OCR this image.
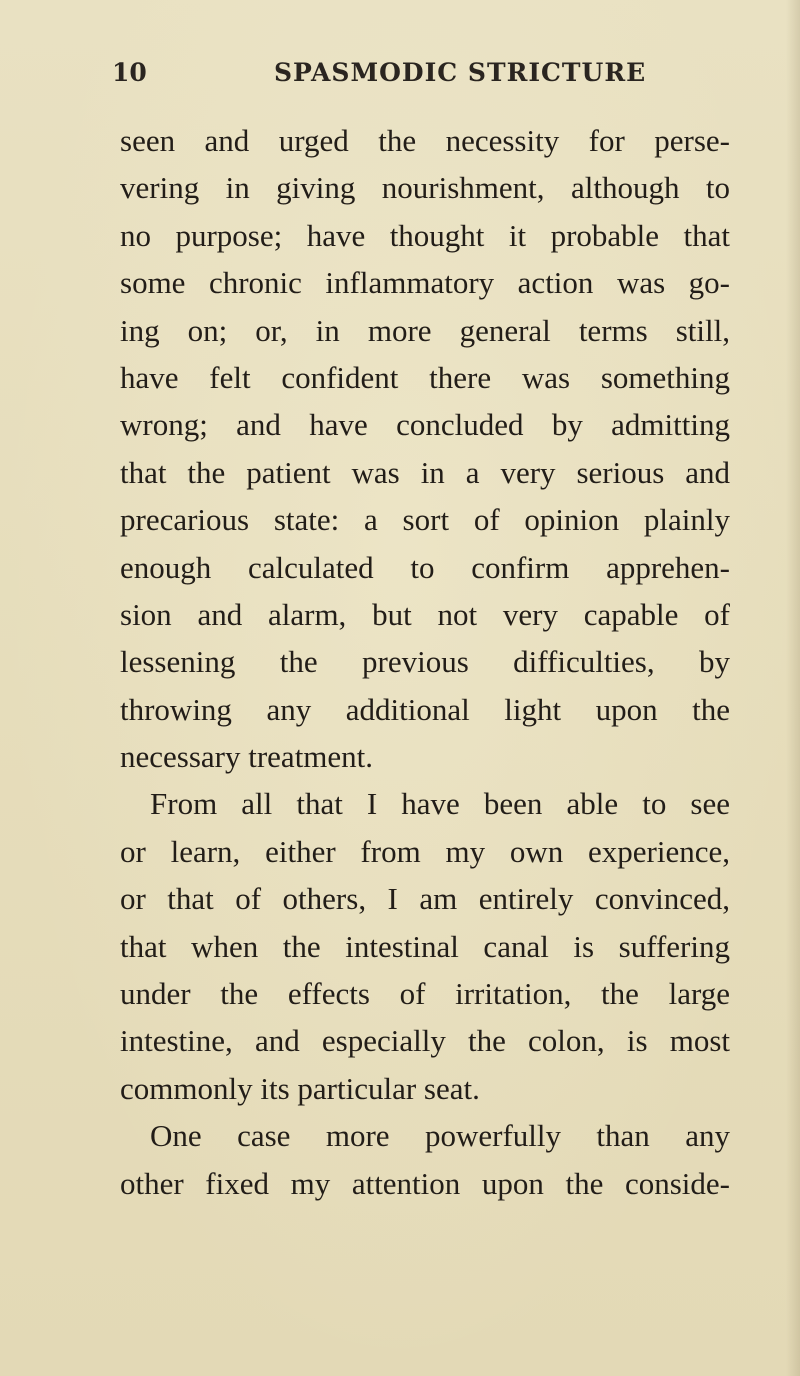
10	SPASMODIC STRICTURE
seen and urged the necessity for perse-
vering in giving nourishment, although to
no purpose; have thought it probable that
some chronic inflammatory action was go-
ing on; or, in more general terms still,
have felt confident there was something
wrong; and have concluded by admitting
that the patient was in a very serious and
precarious state: a sort of opinion plainly
enough calculated to confirm apprehen-
sion and alarm, but not very capable of
lessening the previous difficulties, by
throwing any additional light upon the
necessary treatment.
From all that I have been able to see
or learn, either from my own experience,
or that of others, I am entirely convinced,
that when the intestinal canal is suffering
under the effects of irritation, the large
intestine, and especially the colon, is most
commonly its particular seat.
One case more powerfully than any
other fixed my attention upon the conside-
